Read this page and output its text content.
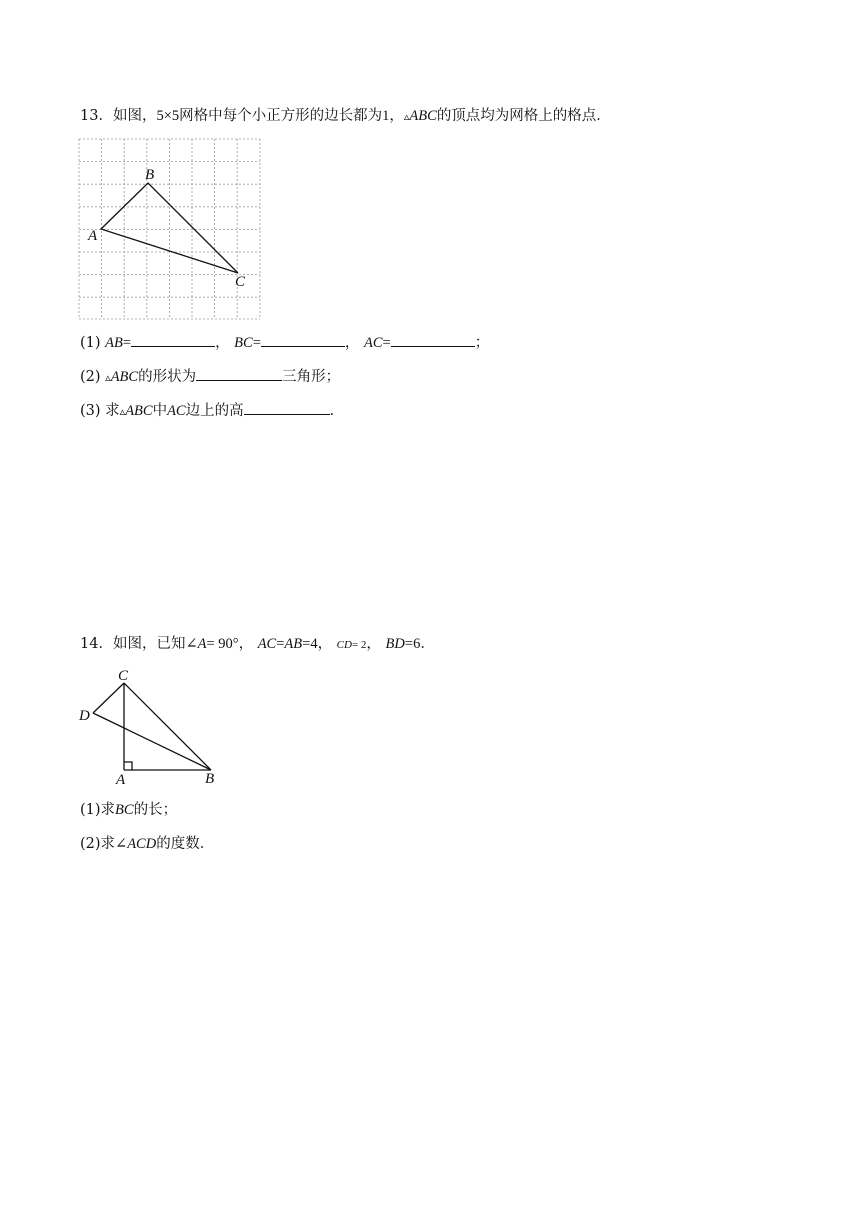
13．如图，5×5网格中每个小正方形的边长都为1，▵ABC的顶点均为网格上的格点．
A
B
C
(1) AB=	， BC=	， AC=	；
(2) ▵ABC的形状为	三角形；
(3) 求▵ABC中AC边上的高	．
14．如图，已知∠A= 90°， AC=AB=4， CD= 2， BD=6．
C
D
A	B
(1)求BC的长；
(2)求∠ACD的度数．
